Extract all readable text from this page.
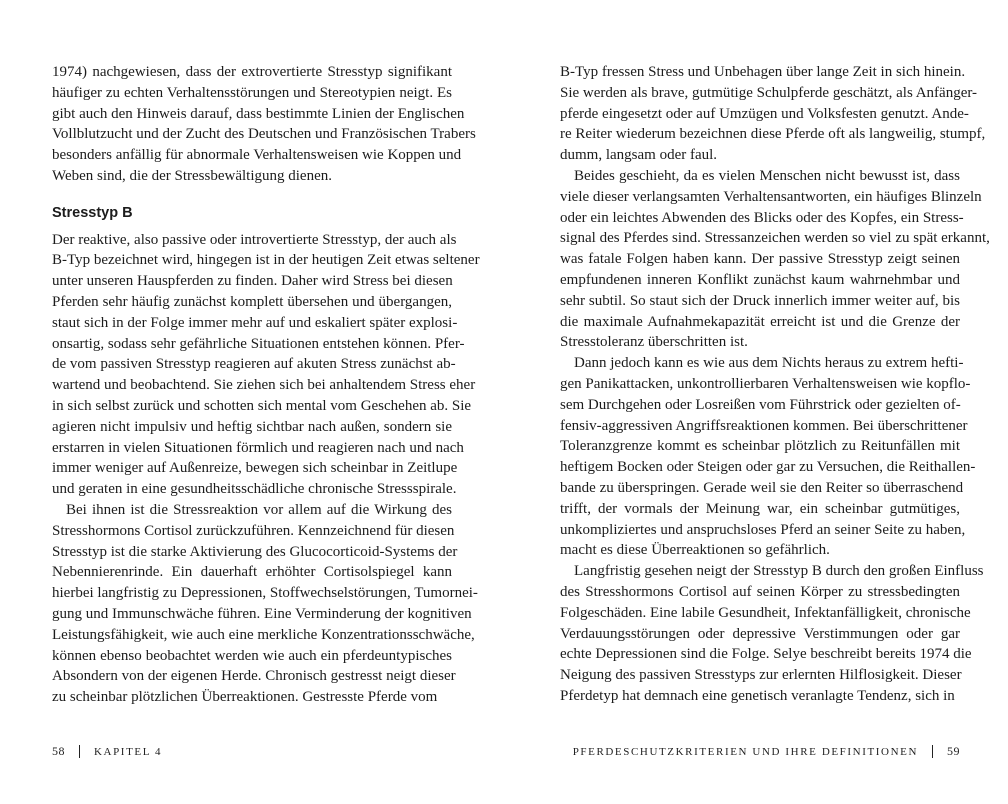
1974) nachgewiesen, dass der extrovertierte Stresstyp signifikant
häufiger zu echten Verhaltensstörungen und Stereotypien neigt. Es
gibt auch den Hinweis darauf, dass bestimmte Linien der Englischen
Vollblutzucht und der Zucht des Deutschen und Französischen Trabers
besonders anfällig für abnormale Verhaltensweisen wie Koppen und
Weben sind, die der Stressbewältigung dienen.
Stresstyp B
Der reaktive, also passive oder introvertierte Stresstyp, der auch als
B-Typ bezeichnet wird, hingegen ist in der heutigen Zeit etwas seltener
unter unseren Hauspferden zu finden. Daher wird Stress bei diesen
Pferden sehr häufig zunächst komplett übersehen und übergangen,
staut sich in der Folge immer mehr auf und eskaliert später explosi-
onsartig, sodass sehr gefährliche Situationen entstehen können. Pfer-
de vom passiven Stresstyp reagieren auf akuten Stress zunächst ab-
wartend und beobachtend. Sie ziehen sich bei anhaltendem Stress eher
in sich selbst zurück und schotten sich mental vom Geschehen ab. Sie
agieren nicht impulsiv und heftig sichtbar nach außen, sondern sie
erstarren in vielen Situationen förmlich und reagieren nach und nach
immer weniger auf Außenreize, bewegen sich scheinbar in Zeitlupe
und geraten in eine gesundheitsschädliche chronische Stressspirale.
Bei ihnen ist die Stressreaktion vor allem auf die Wirkung des
Stresshormons Cortisol zurückzuführen. Kennzeichnend für diesen
Stresstyp ist die starke Aktivierung des Glucocorticoid-Systems der
Nebennierenrinde. Ein dauerhaft erhöhter Cortisolspiegel kann
hierbei langfristig zu Depressionen, Stoffwechselstörungen, Tumornei-
gung und Immunschwäche führen. Eine Verminderung der kognitiven
Leistungsfähigkeit, wie auch eine merkliche Konzentrationsschwäche,
können ebenso beobachtet werden wie auch ein pferdeuntypisches
Absondern von der eigenen Herde. Chronisch gestresst neigt dieser
zu scheinbar plötzlichen Überreaktionen. Gestresste Pferde vom
B-Typ fressen Stress und Unbehagen über lange Zeit in sich hinein.
Sie werden als brave, gutmütige Schulpferde geschätzt, als Anfänger-
pferde eingesetzt oder auf Umzügen und Volksfesten genutzt. Ande-
re Reiter wiederum bezeichnen diese Pferde oft als langweilig, stumpf,
dumm, langsam oder faul.
Beides geschieht, da es vielen Menschen nicht bewusst ist, dass
viele dieser verlangsamten Verhaltensantworten, ein häufiges Blinzeln
oder ein leichtes Abwenden des Blicks oder des Kopfes, ein Stress-
signal des Pferdes sind. Stressanzeichen werden so viel zu spät erkannt,
was fatale Folgen haben kann. Der passive Stresstyp zeigt seinen
empfundenen inneren Konflikt zunächst kaum wahrnehmbar und
sehr subtil. So staut sich der Druck innerlich immer weiter auf, bis
die maximale Aufnahmekapazität erreicht ist und die Grenze der
Stresstoleranz überschritten ist.
Dann jedoch kann es wie aus dem Nichts heraus zu extrem hefti-
gen Panikattacken, unkontrollierbaren Verhaltensweisen wie kopflo-
sem Durchgehen oder Losreißen vom Führstrick oder gezielten of-
fensiv-aggressiven Angriffsreaktionen kommen. Bei überschrittener
Toleranzgrenze kommt es scheinbar plötzlich zu Reitunfällen mit
heftigem Bocken oder Steigen oder gar zu Versuchen, die Reithallen-
bande zu überspringen. Gerade weil sie den Reiter so überraschend
trifft, der vormals der Meinung war, ein scheinbar gutmütiges,
unkompliziertes und anspruchsloses Pferd an seiner Seite zu haben,
macht es diese Überreaktionen so gefährlich.
Langfristig gesehen neigt der Stresstyp B durch den großen Einfluss
des Stresshormons Cortisol auf seinen Körper zu stressbedingten
Folgeschäden. Eine labile Gesundheit, Infektanfälligkeit, chronische
Verdauungsstörungen oder depressive Verstimmungen oder gar
echte Depressionen sind die Folge. Selye beschreibt bereits 1974 die
Neigung des passiven Stresstyps zur erlernten Hilflosigkeit. Dieser
Pferdetyp hat demnach eine genetisch veranlagte Tendenz, sich in
58	KAPITEL 4	PFERDESCHUTZKRITERIEN UND IHRE DEFINITIONEN 59
